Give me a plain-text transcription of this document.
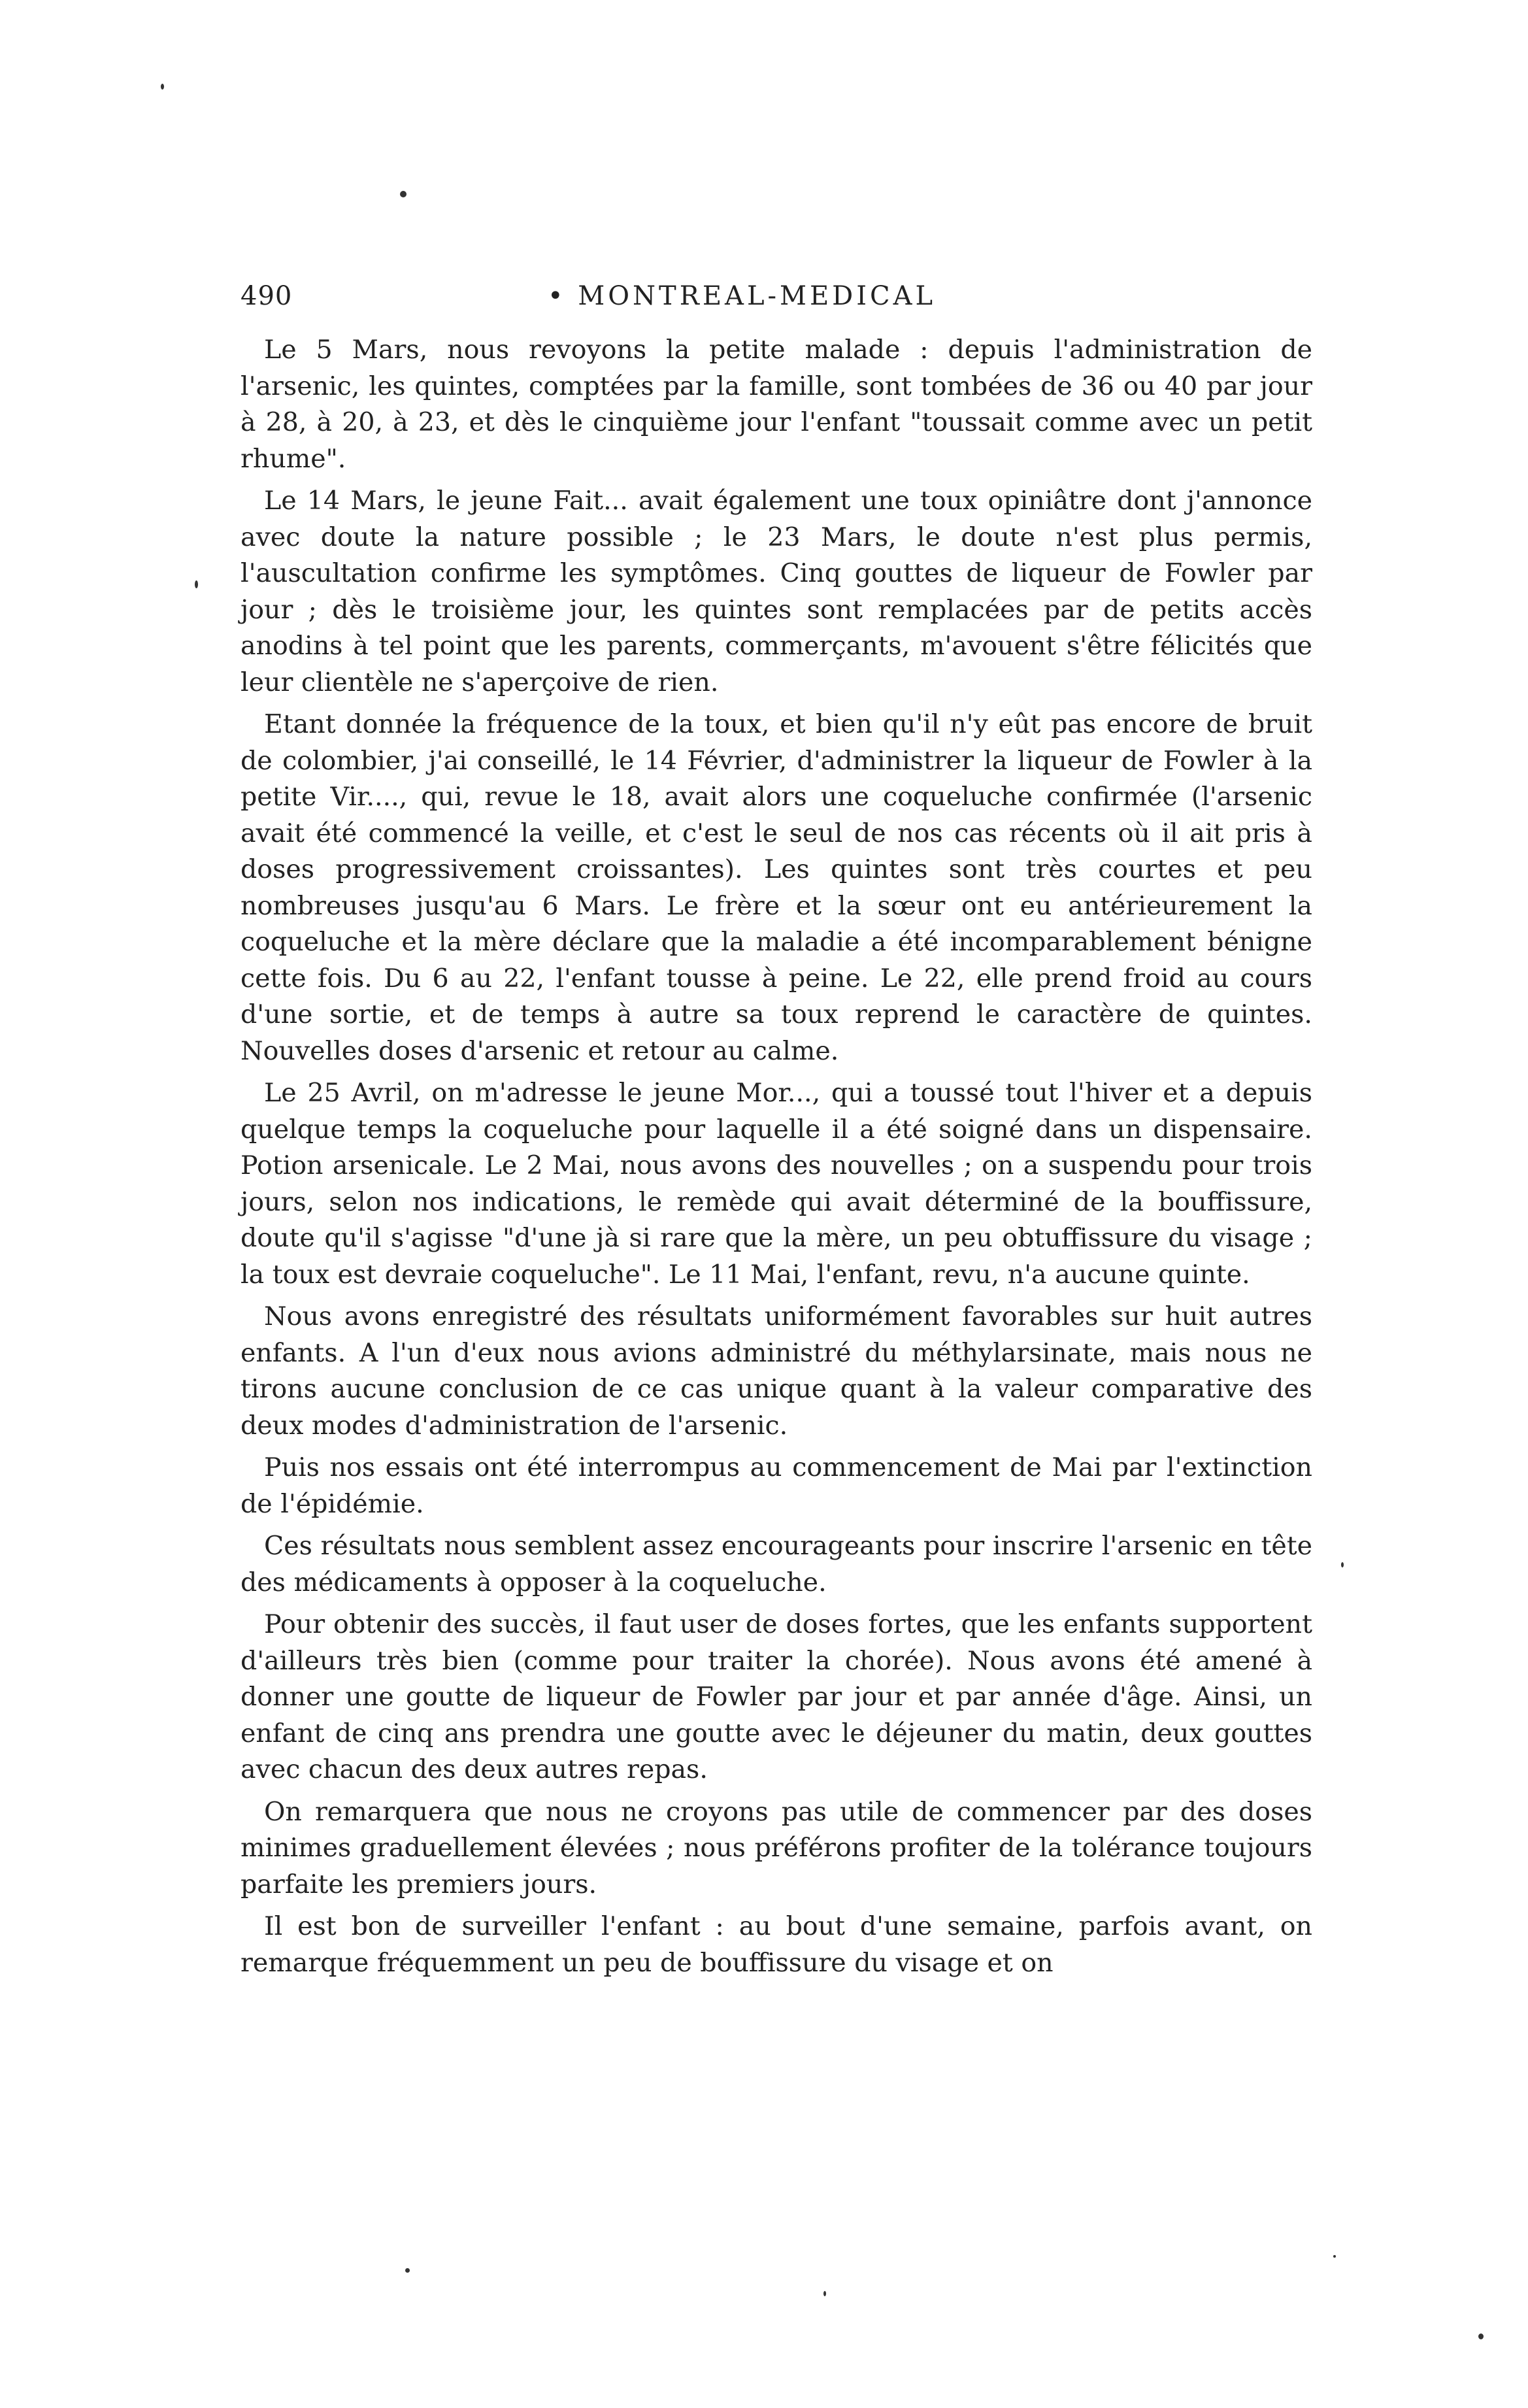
490	• MONTREAL-MEDICAL

Le 5 Mars, nous revoyons la petite malade : depuis l'administration de l'arsenic, les quintes, comptées par la famille, sont tombées de 36 ou 40 par jour à 28, à 20, à 23, et dès le cinquième jour l'enfant "toussait comme avec un petit rhume".

Le 14 Mars, le jeune Fait... avait également une toux opiniâtre dont j'annonce avec doute la nature possible ; le 23 Mars, le doute n'est plus permis, l'auscultation confirme les symptômes. Cinq gouttes de liqueur de Fowler par jour ; dès le troisième jour, les quintes sont remplacées par de petits accès anodins à tel point que les parents, commerçants, m'avouent s'être félicités que leur clientèle ne s'aperçoive de rien.

Etant donnée la fréquence de la toux, et bien qu'il n'y eût pas encore de bruit de colombier, j'ai conseillé, le 14 Février, d'administrer la liqueur de Fowler à la petite Vir...., qui, revue le 18, avait alors une coqueluche confirmée (l'arsenic avait été commencé la veille, et c'est le seul de nos cas récents où il ait pris à doses progressivement croissantes). Les quintes sont très courtes et peu nombreuses jusqu'au 6 Mars. Le frère et la sœur ont eu antérieurement la coqueluche et la mère déclare que la maladie a été incomparablement bénigne cette fois. Du 6 au 22, l'enfant tousse à peine. Le 22, elle prend froid au cours d'une sortie, et de temps à autre sa toux reprend le caractère de quintes. Nouvelles doses d'arsenic et retour au calme.

Le 25 Avril, on m'adresse le jeune Mor..., qui a toussé tout l'hiver et a depuis quelque temps la coqueluche pour laquelle il a été soigné dans un dispensaire. Potion arsenicale. Le 2 Mai, nous avons des nouvelles ; on a suspendu pour trois jours, selon nos indications, le remède qui avait déterminé de la bouffissure, doute qu'il s'agisse "d'une jà si rare que la mère, un peu obtuffissure du visage ; la toux est devraie coqueluche". Le 11 Mai, l'enfant, revu, n'a aucune quinte.

Nous avons enregistré des résultats uniformément favorables sur huit autres enfants. A l'un d'eux nous avions administré du méthylarsinate, mais nous ne tirons aucune conclusion de ce cas unique quant à la valeur comparative des deux modes d'administration de l'arsenic.

Puis nos essais ont été interrompus au commencement de Mai par l'extinction de l'épidémie.

Ces résultats nous semblent assez encourageants pour inscrire l'arsenic en tête des médicaments à opposer à la coqueluche.

Pour obtenir des succès, il faut user de doses fortes, que les enfants supportent d'ailleurs très bien (comme pour traiter la chorée). Nous avons été amené à donner une goutte de liqueur de Fowler par jour et par année d'âge. Ainsi, un enfant de cinq ans prendra une goutte avec le déjeuner du matin, deux gouttes avec chacun des deux autres repas.

On remarquera que nous ne croyons pas utile de commencer par des doses minimes graduellement élevées ; nous préférons profiter de la tolérance toujours parfaite les premiers jours.

Il est bon de surveiller l'enfant : au bout d'une semaine, parfois avant, on remarque fréquemment un peu de bouffissure du visage et on
